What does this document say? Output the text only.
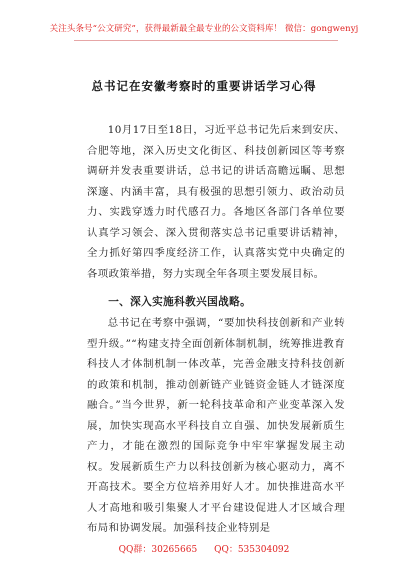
关注头条号“公文研究”，获得最新最全最专业的公文资料库！ 微信：gongwenyj
总书记在安徽考察时的重要讲话学习心得

10月17日至18日，习近平总书记先后来到安庆、合肥等地，深入历史文化街区、科技创新园区等考察调研并发表重要讲话，总书记的讲话高瞻远瞩、思想深邃、内涵丰富，具有极强的思想引领力、政治动员力、实践穿透力时代感召力。各地区各部门各单位要认真学习领会、深入贯彻落实总书记重要讲话精神，全力抓好第四季度经济工作，认真落实党中央确定的各项政策举措，努力实现全年各项主要发展目标。

一、深入实施科教兴国战略。

总书记在考察中强调，“要加快科技创新和产业转型升级。”“构建支持全面创新体制机制，统筹推进教育科技人才体制机制一体改革，完善金融支持科技创新的政策和机制，推动创新链产业链资金链人才链深度融合。”当今世界，新一轮科技革命和产业变革深入发展，加快实现高水平科技自立自强、加快发展新质生产力，才能在激烈的国际竞争中牢牢掌握发展主动权。发展新质生产力以科技创新为核心驱动力，离不开高技术。要全方位培养用好人才。加快推进高水平人才高地和吸引集聚人才平台建设促进人才区域合理布局和协调发展。加强科技企业特别是

QQ群：30265665 QQ：535304092
